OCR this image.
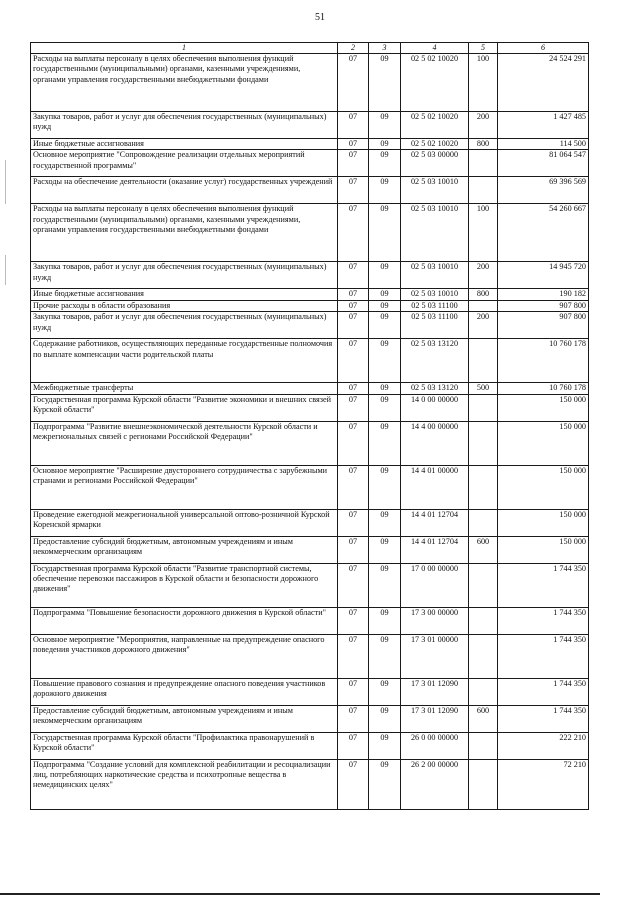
51
1	2	3	4	5	6
Расходы на выплаты персоналу в целях обеспечения выполнения функций государственными (муниципальными) органами, казенными учреждениями, органами управления государственными внебюджетными фондами	07	09	02 5 02 10020	100	24 524 291
Закупка товаров, работ и услуг для обеспечения государственных (муниципальных) нужд	07	09	02 5 02 10020	200	1 427 485
Иные бюджетные ассигнования	07	09	02 5 02 10020	800	114 500
Основное мероприятие "Сопровождение реализации отдельных мероприятий государственной программы"	07	09	02 5 03 00000		81 064 547
Расходы на обеспечение деятельности (оказание услуг) государственных учреждений	07	09	02 5 03 10010		69 396 569
Расходы на выплаты персоналу в целях обеспечения выполнения функций государственными (муниципальными) органами, казенными учреждениями, органами управления государственными внебюджетными фондами	07	09	02 5 03 10010	100	54 260 667
Закупка товаров, работ и услуг для обеспечения государственных (муниципальных) нужд	07	09	02 5 03 10010	200	14 945 720
Иные бюджетные ассигнования	07	09	02 5 03 10010	800	190 182
Прочие расходы в области образования	07	09	02 5 03 11100		907 800
Закупка товаров, работ и услуг для обеспечения государственных (муниципальных) нужд	07	09	02 5 03 11100	200	907 800
Содержание работников, осуществляющих переданные государственные полномочия по выплате компенсации части родительской платы	07	09	02 5 03 13120		10 760 178
Межбюджетные трансферты	07	09	02 5 03 13120	500	10 760 178
Государственная программа Курской области "Развитие экономики и внешних связей Курской области"	07	09	14 0 00 00000		150 000
Подпрограмма "Развитие внешнеэкономической деятельности Курской области и межрегиональных связей с регионами Российской Федерации"	07	09	14 4 00 00000		150 000
Основное мероприятие "Расширение двустороннего сотрудничества с зарубежными странами и регионами Российской Федерации"	07	09	14 4 01 00000		150 000
Проведение ежегодной межрегиональной универсальной оптово-розничной Курской Коренской ярмарки	07	09	14 4 01 12704		150 000
Предоставление субсидий бюджетным, автономным учреждениям и иным некоммерческим организациям	07	09	14 4 01 12704	600	150 000
Государственная программа Курской области "Развитие транспортной системы, обеспечение перевозки пассажиров в Курской области и безопасности дорожного движения"	07	09	17 0 00 00000		1 744 350
Подпрограмма "Повышение безопасности дорожного движения в Курской области"	07	09	17 3 00 00000		1 744 350
Основное мероприятие "Мероприятия, направленные на предупреждение опасного поведения участников дорожного движения"	07	09	17 3 01 00000		1 744 350
Повышение правового сознания и предупреждение опасного поведения участников дорожного движения	07	09	17 3 01 12090		1 744 350
Предоставление субсидий бюджетным, автономным учреждениям и иным некоммерческим организациям	07	09	17 3 01 12090	600	1 744 350
Государственная программа Курской области "Профилактика правонарушений в Курской области"	07	09	26 0 00 00000		222 210
Подпрограмма "Создание условий для комплексной реабилитации и ресоциализации лиц, потребляющих наркотические средства и психотропные вещества в немедицинских целях"	07	09	26 2 00 00000		72 210
